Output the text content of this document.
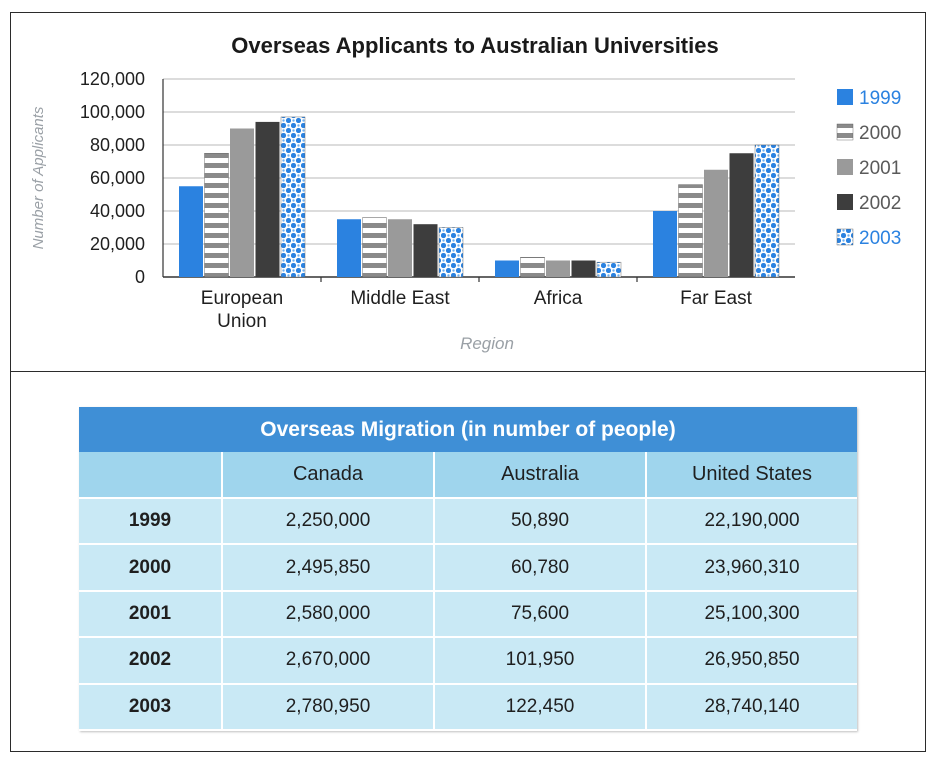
Overseas Applicants to Australian Universities
0
20,000
40,000
60,000
80,000
100,000
120,000
European
Union
Middle East	Africa	Far East
Number of Applicants
Region
1999
2000
2001
2002
2003
Overseas Migration (in number of people)
Canada	Australia	United States
1999	2,250,000	50,890	22,190,000
2000	2,495,850	60,780	23,960,310
2001	2,580,000	75,600	25,100,300
2002	2,670,000	101,950	26,950,850
2003	2,780,950	122,450	28,740,140
